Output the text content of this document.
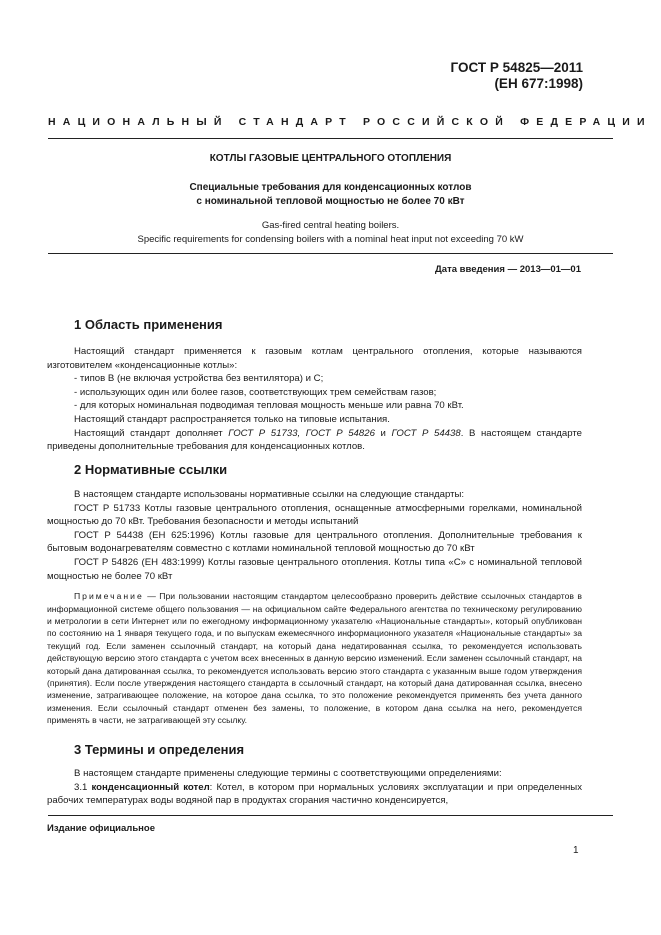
ГОСТ Р 54825—2011
(ЕН 677:1998)
НАЦИОНАЛЬНЫЙ СТАНДАРТ РОССИЙСКОЙ ФЕДЕРАЦИИ
КОТЛЫ ГАЗОВЫЕ ЦЕНТРАЛЬНОГО ОТОПЛЕНИЯ
Специальные требования для конденсационных котлов
с номинальной тепловой мощностью не более 70 кВт
Gas-fired central heating boilers.
Specific requirements for condensing boilers with a nominal heat input not exceeding 70 kW
Дата введения — 2013—01—01
1 Область применения

Настоящий стандарт применяется к газовым котлам центрального отопления, которые называются изготовителем «конденсационные котлы»:

- типов B (не включая устройства без вентилятора) и C;

- использующих один или более газов, соответствующих трем семействам газов;

- для которых номинальная подводимая тепловая мощность меньше или равна 70 кВт.

Настоящий стандарт распространяется только на типовые испытания.

Настоящий стандарт дополняет ГОСТ Р 51733, ГОСТ Р 54826 и ГОСТ Р 54438. В настоящем стандарте приведены дополнительные требования для конденсационных котлов.

2 Нормативные ссылки

В настоящем стандарте использованы нормативные ссылки на следующие стандарты:

ГОСТ Р 51733 Котлы газовые центрального отопления, оснащенные атмосферными горелками, номинальной мощностью до 70 кВт. Требования безопасности и методы испытаний

ГОСТ Р 54438 (ЕН 625:1996) Котлы газовые для центрального отопления. Дополнительные требования к бытовым водонагревателям совместно с котлами номинальной тепловой мощностью до 70 кВт

ГОСТ Р 54826 (ЕН 483:1999) Котлы газовые центрального отопления. Котлы типа «С» с номинальной тепловой мощностью не более 70 кВт

Примечание — При пользовании настоящим стандартом целесообразно проверить действие ссылочных стандартов в информационной системе общего пользования — на официальном сайте Федерального агентства по техническому регулированию и метрологии в сети Интернет или по ежегодному информационному указателю «Национальные стандарты», который опубликован по состоянию на 1 января текущего года, и по выпускам ежемесячного информационного указателя «Национальные стандарты» за текущий год. Если заменен ссылочный стандарт, на который дана недатированная ссылка, то рекомендуется использовать действующую версию этого стандарта с учетом всех внесенных в данную версию изменений. Если заменен ссылочный стандарт, на который дана датированная ссылка, то рекомендуется использовать версию этого стандарта с указанным выше годом утверждения (принятия). Если после утверждения настоящего стандарта в ссылочный стандарт, на который дана датированная ссылка, внесено изменение, затрагивающее положение, на которое дана ссылка, то это положение рекомендуется применять без учета данного изменения. Если ссылочный стандарт отменен без замены, то положение, в котором дана ссылка на него, рекомендуется применять в части, не затрагивающей эту ссылку.

3 Термины и определения

В настоящем стандарте применены следующие термины с соответствующими определениями:

3.1 конденсационный котел: Котел, в котором при нормальных условиях эксплуатации и при определенных рабочих температурах воды водяной пар в продуктах сгорания частично конденсируется,

Издание официальное
1
